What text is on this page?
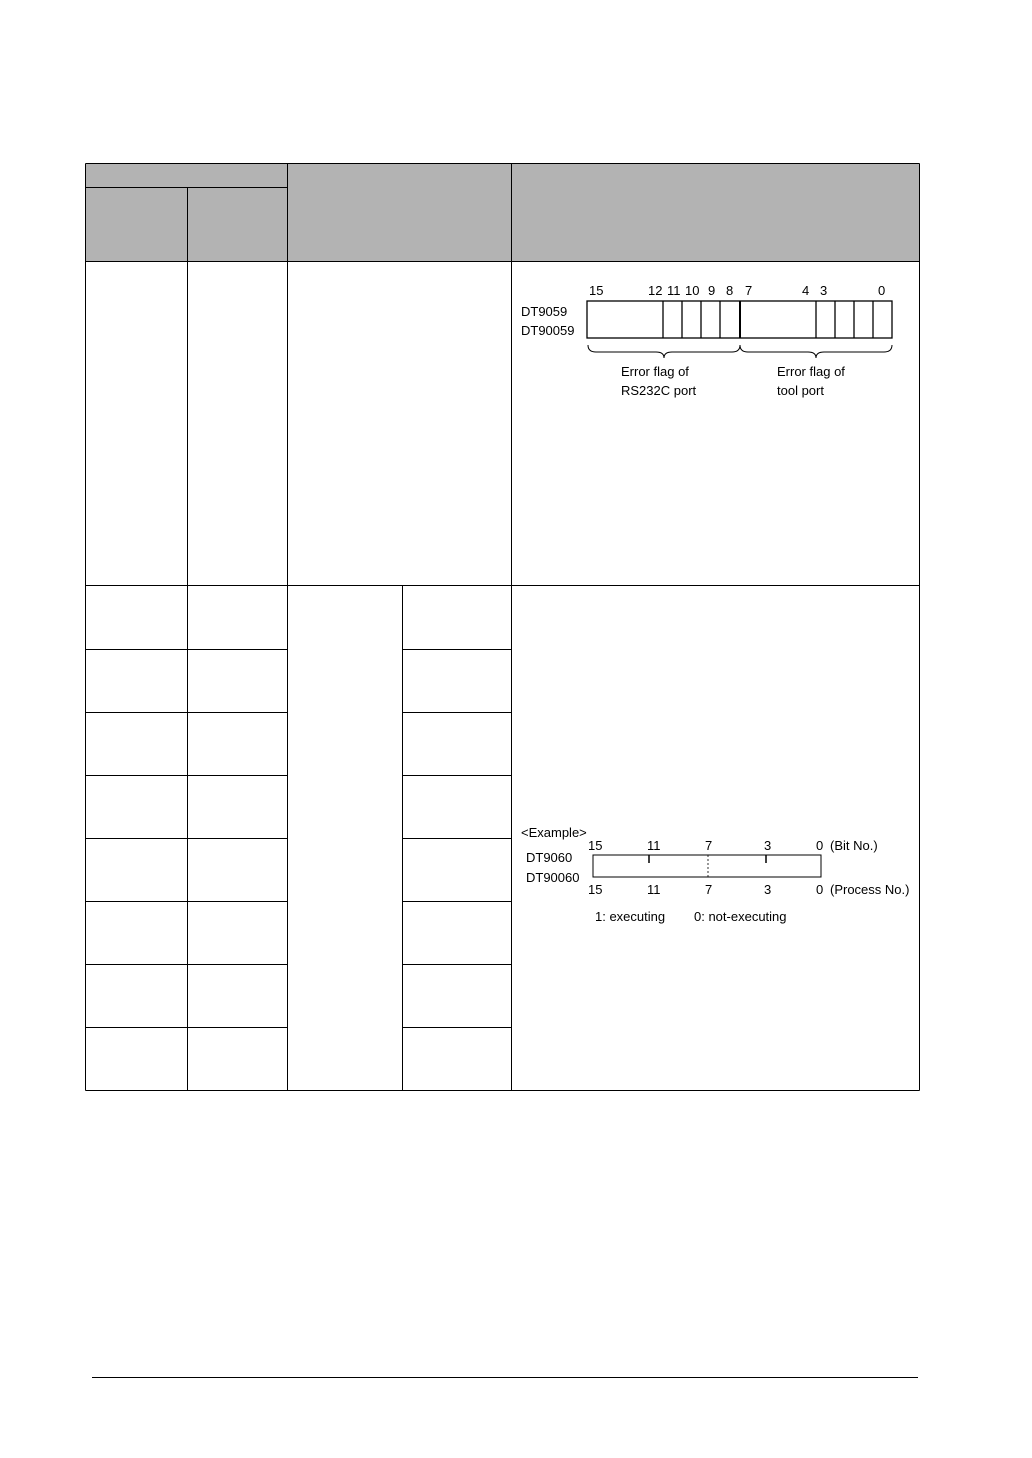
15	12 11 10 9 8 7	4 3	0
DT9059
DT90059
Error flag of
RS232C port
Error flag of
tool port
<Example>
15	11	7	3	0 (Bit No.)
DT9060
DT90060
15	11	7	3	0 (Process No.)
1: executing 0: not-executing
